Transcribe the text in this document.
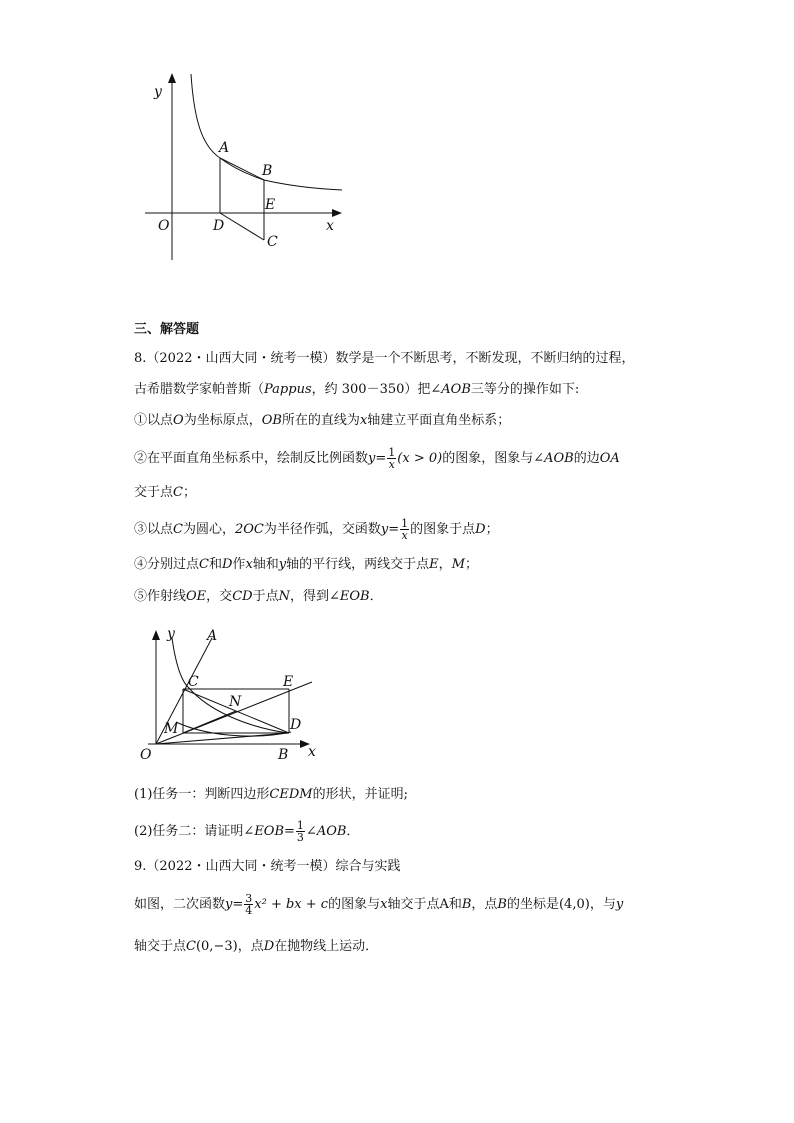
y
O
A
B
E
D
C
x
三、解答题
8.（2022・山西大同・统考一模）数学是一个不断思考，不断发现，不断归纳的过程，
古希腊数学家帕普斯（Pappus，约 300－350）把∠AOB三等分的操作如下:
①以点O为坐标原点，OB所在的直线为x轴建立平面直角坐标系；
②在平面直角坐标系中，绘制反比例函数$y= \frac{1}{x} (x > 0)$的图象，图象与∠AOB的边OA
交于点C；
③以点C为圆心，2OC为半径作弧，交函数$y= \frac{1}{x}$ 的图象于点D；
④分别过点C和D作x轴和y轴的平行线，两线交于点E，M；
⑤作射线OE，交CD于点N，得到∠EOB．
y A
C	E
N
M	D
O	B x
(1)任务一：判断四边形CEDM的形状，并证明;
(2)任务二：请证明∠EOB= $\frac{1}{3}$ ∠AOB．
9.（2022・山西大同・统考一模）综合与实践
如图，二次函数$y= \frac{3}{4} x^2$ + bx + c的图象与x轴交于点A和B，点B的坐标是(4,0)，与y
轴交于点C(0,−3)，点D在抛物线上运动．
